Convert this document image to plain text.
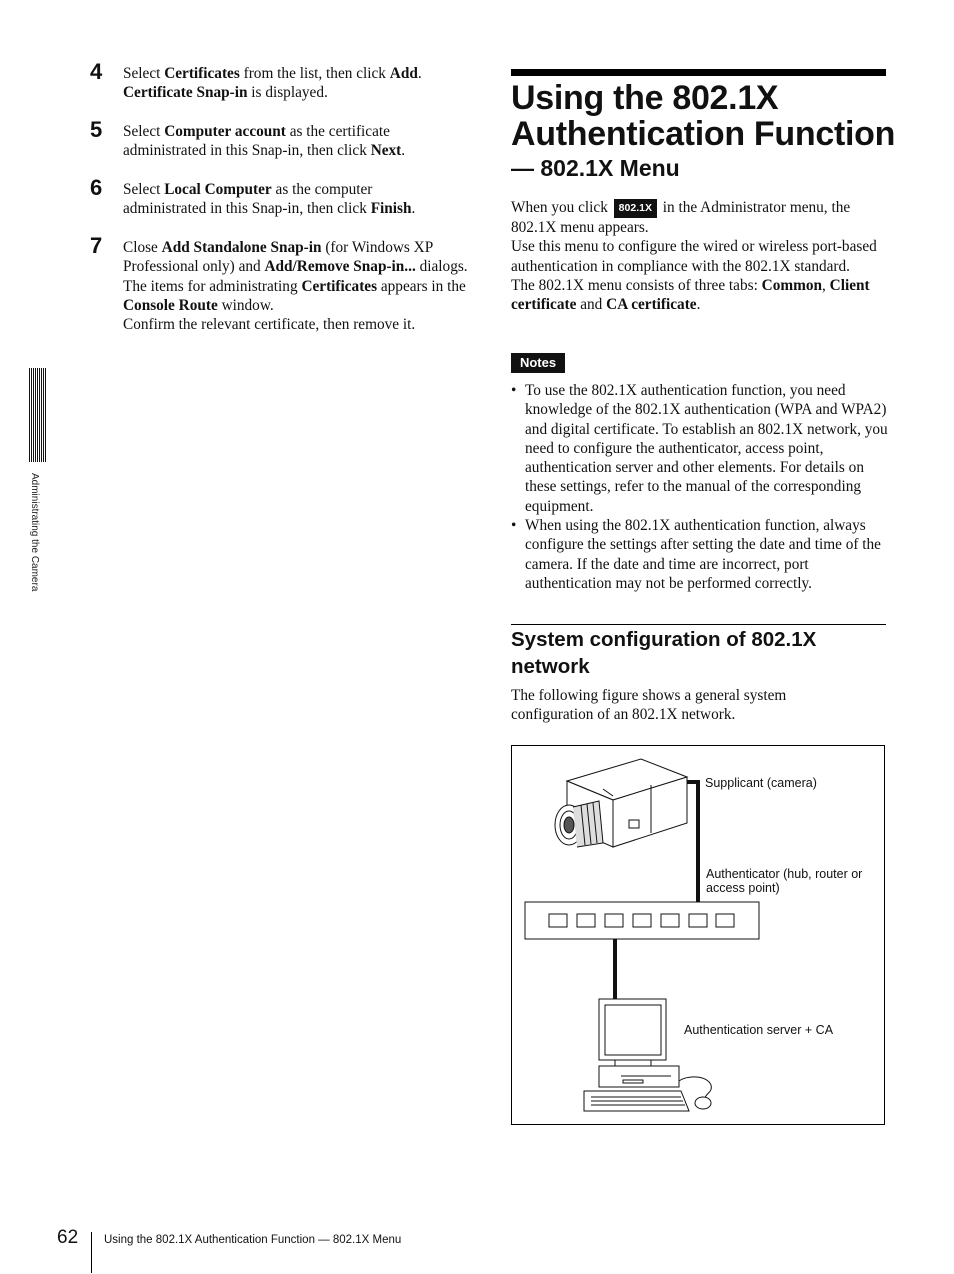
4	Select Certificates from the list, then click Add.
Certificate Snap-in is displayed.
5	Select Computer account as the certificate administrated in this Snap-in, then click Next.
6	Select Local Computer as the computer administrated in this Snap-in, then click Finish.
7	Close Add Standalone Snap-in (for Windows XP Professional only) and Add/Remove Snap-in... dialogs.
The items for administrating Certificates appears in the Console Route window.
Confirm the relevant certificate, then remove it.
Administrating the Camera
Using the 802.1X
Authentication Function
— 802.1X Menu
When you click 802.1X in the Administrator menu, the 802.1X menu appears.
Use this menu to configure the wired or wireless port-based authentication in compliance with the 802.1X standard.
The 802.1X menu consists of three tabs: Common, Client certificate and CA certificate.
Notes
• To use the 802.1X authentication function, you need knowledge of the 802.1X authentication (WPA and WPA2) and digital certificate. To establish an 802.1X network, you need to configure the authenticator, access point, authentication server and other elements. For details on these settings, refer to the manual of the corresponding equipment.
• When using the 802.1X authentication function, always configure the settings after setting the date and time of the camera. If the date and time are incorrect, port authentication may not be performed correctly.
System configuration of 802.1X network
The following figure shows a general system configuration of an 802.1X network.
Supplicant (camera)
Authenticator (hub, router or access point)
Authentication server + CA
62 Using the 802.1X Authentication Function — 802.1X Menu
